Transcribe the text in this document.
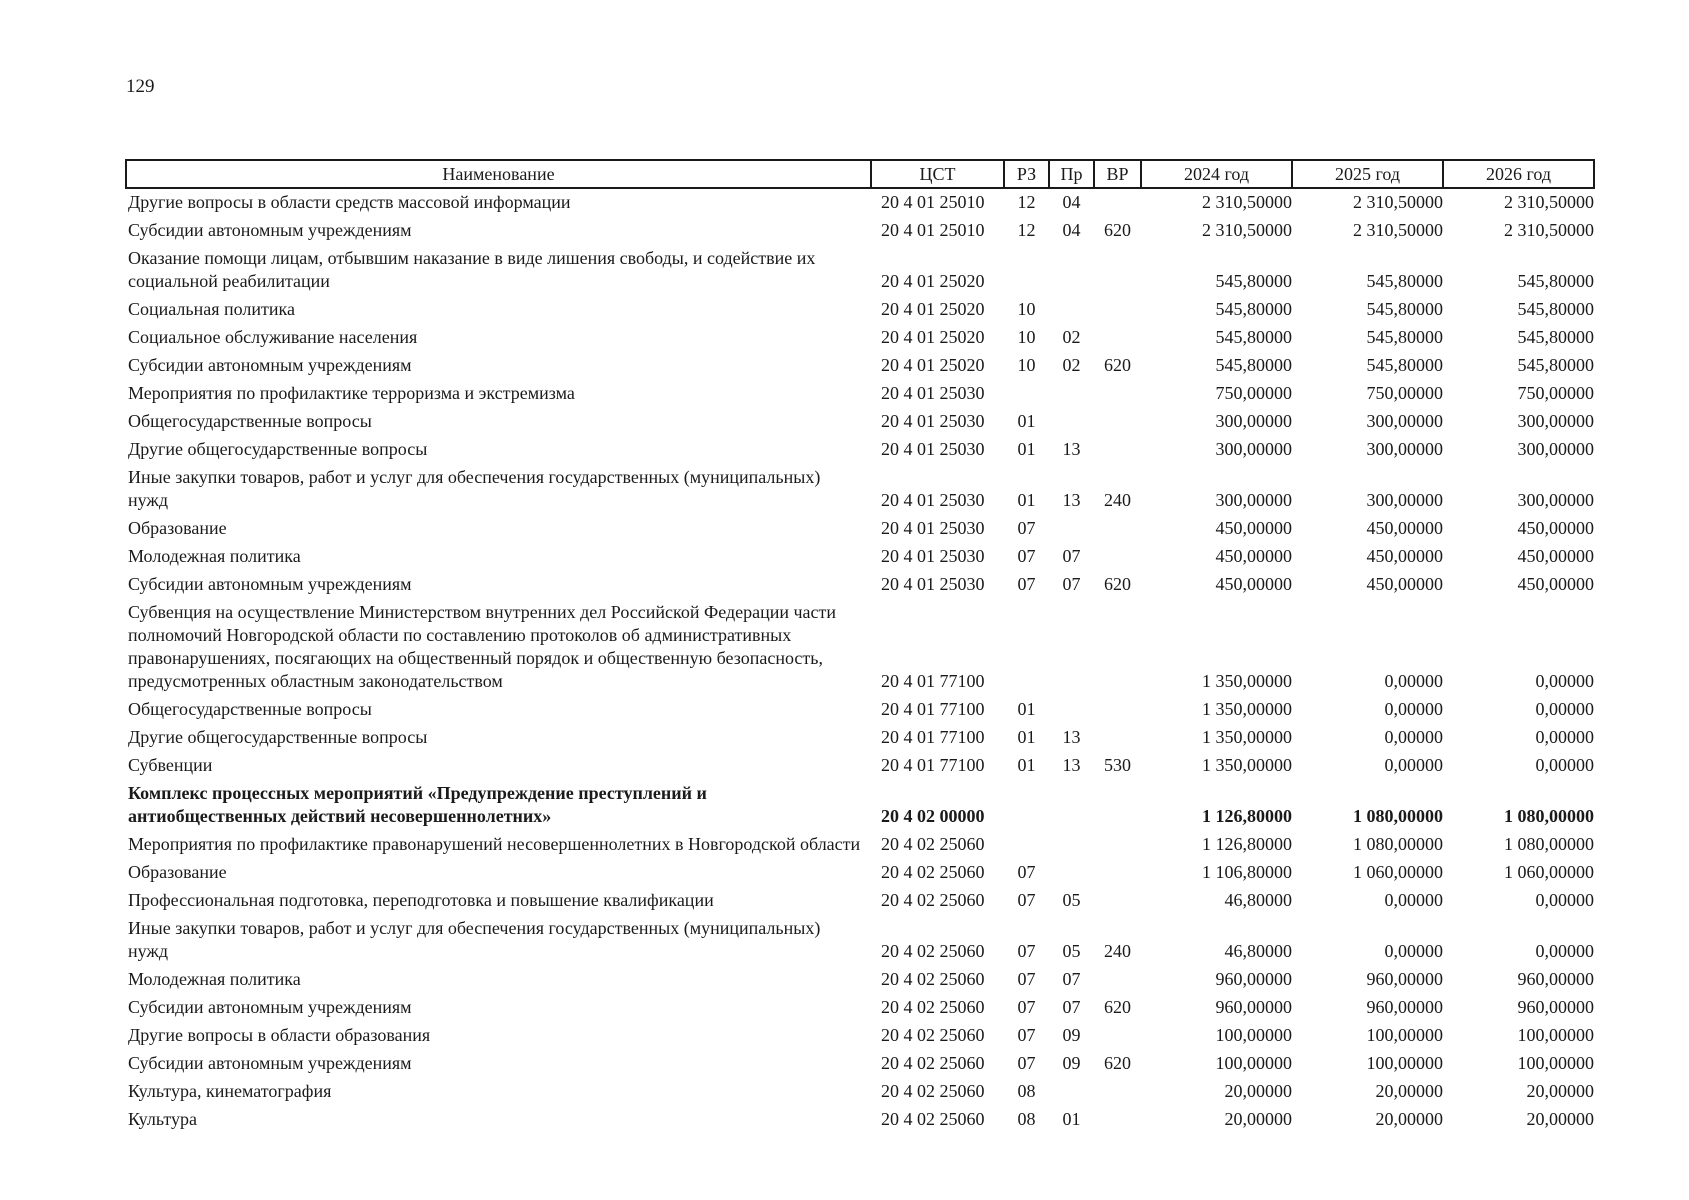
129
Наименование	ЦСТ	РЗ	Пр	ВР	2024 год	2025 год	2026 год
Другие вопросы в области средств массовой информации	20 4 01 25010	12	04		2 310,50000	2 310,50000	2 310,50000
Субсидии автономным учреждениям	20 4 01 25010	12	04	620	2 310,50000	2 310,50000	2 310,50000
Оказание помощи лицам, отбывшим наказание в виде лишения свободы, и содействие их социальной реабилитации	20 4 01 25020				545,80000	545,80000	545,80000
Социальная политика	20 4 01 25020	10			545,80000	545,80000	545,80000
Социальное обслуживание населения	20 4 01 25020	10	02		545,80000	545,80000	545,80000
Субсидии автономным учреждениям	20 4 01 25020	10	02	620	545,80000	545,80000	545,80000
Мероприятия по профилактике терроризма и экстремизма	20 4 01 25030				750,00000	750,00000	750,00000
Общегосударственные вопросы	20 4 01 25030	01			300,00000	300,00000	300,00000
Другие общегосударственные вопросы	20 4 01 25030	01	13		300,00000	300,00000	300,00000
Иные закупки товаров, работ и услуг для обеспечения государственных (муниципальных) нужд	20 4 01 25030	01	13	240	300,00000	300,00000	300,00000
Образование	20 4 01 25030	07			450,00000	450,00000	450,00000
Молодежная политика	20 4 01 25030	07	07		450,00000	450,00000	450,00000
Субсидии автономным учреждениям	20 4 01 25030	07	07	620	450,00000	450,00000	450,00000
Субвенция на осуществление Министерством внутренних дел Российской Федерации части полномочий Новгородской области по составлению протоколов об административных правонарушениях, посягающих на общественный порядок и общественную безопасность, предусмотренных областным законодательством	20 4 01 77100				1 350,00000	0,00000	0,00000
Общегосударственные вопросы	20 4 01 77100	01			1 350,00000	0,00000	0,00000
Другие общегосударственные вопросы	20 4 01 77100	01	13		1 350,00000	0,00000	0,00000
Субвенции	20 4 01 77100	01	13	530	1 350,00000	0,00000	0,00000
Комплекс процессных мероприятий «Предупреждение преступлений и антиобщественных действий несовершеннолетних»	20 4 02 00000				1 126,80000	1 080,00000	1 080,00000
Мероприятия по профилактике правонарушений несовершеннолетних в Новгородской области	20 4 02 25060				1 126,80000	1 080,00000	1 080,00000
Образование	20 4 02 25060	07			1 106,80000	1 060,00000	1 060,00000
Профессиональная подготовка, переподготовка и повышение квалификации	20 4 02 25060	07	05		46,80000	0,00000	0,00000
Иные закупки товаров, работ и услуг для обеспечения государственных (муниципальных) нужд	20 4 02 25060	07	05	240	46,80000	0,00000	0,00000
Молодежная политика	20 4 02 25060	07	07		960,00000	960,00000	960,00000
Субсидии автономным учреждениям	20 4 02 25060	07	07	620	960,00000	960,00000	960,00000
Другие вопросы в области образования	20 4 02 25060	07	09		100,00000	100,00000	100,00000
Субсидии автономным учреждениям	20 4 02 25060	07	09	620	100,00000	100,00000	100,00000
Культура, кинематография	20 4 02 25060	08			20,00000	20,00000	20,00000
Культура	20 4 02 25060	08	01		20,00000	20,00000	20,00000
